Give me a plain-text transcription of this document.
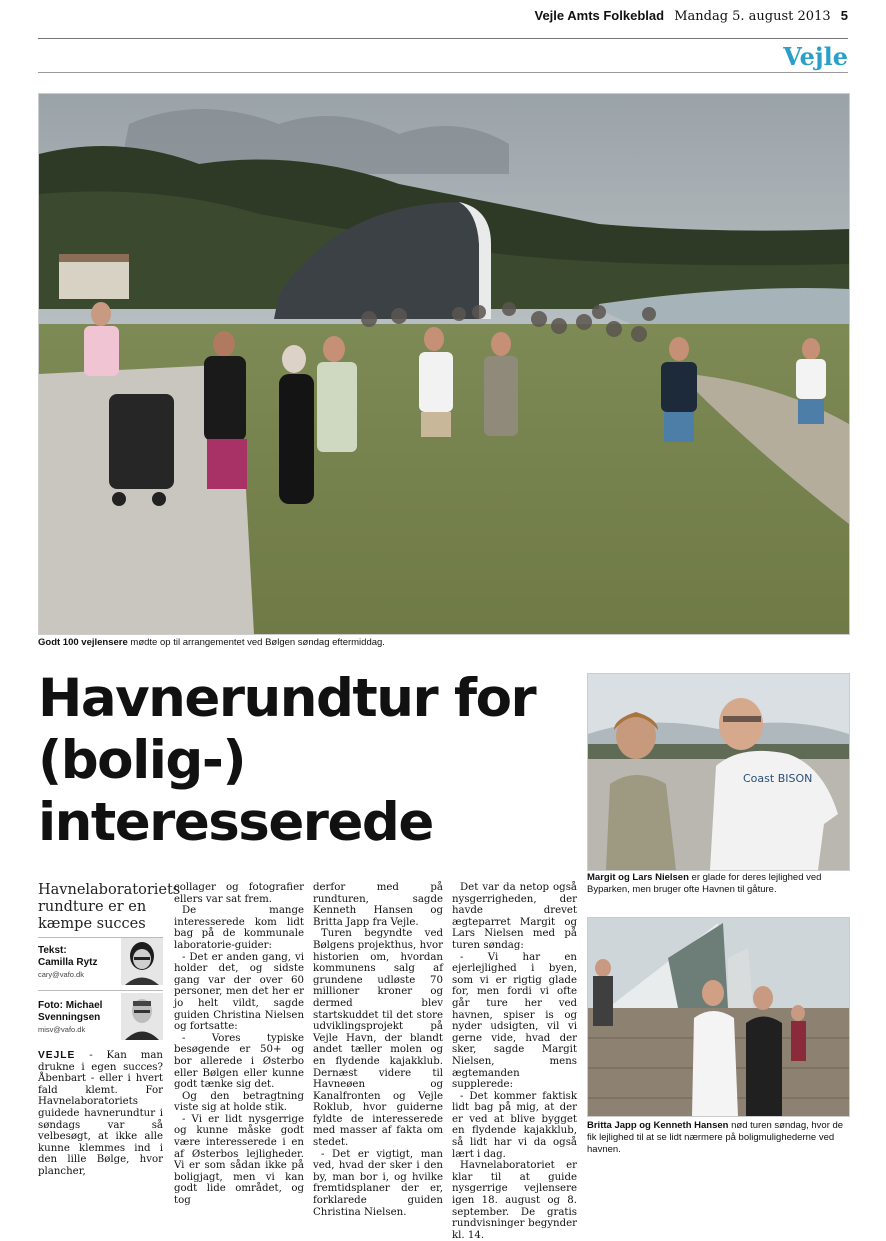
Vejle Amts Folkeblad Mandag 5. august 2013 5
Vejle
Godt 100 vejlensere mødte op til arrangementet ved Bølgen søndag eftermiddag.
Havnerundtur for
(bolig-)
interesserede
Havnelaboratoriets rundture er en kæmpe succes
Tekst:
Camilla Rytz
cary@vafo.dk
Foto: Michael
Svenningsen
misv@vafo.dk

VEJLE - Kan man drukne i egen succes? Åbenbart - eller i hvert fald klemt. For Havnelaboratoriets guidede havnerundtur i søndags var så velbesøgt, at ikke alle kunne klemmes ind i den lille Bølge, hvor plancher,

collager og fotografier ellers var sat frem.

De mange interesserede kom lidt bag på de kommunale laboratorie-guider:

- Det er anden gang, vi holder det, og sidste gang var der over 60 personer, men det her er jo helt vildt, sagde guiden Christina Nielsen og fortsatte:

- Vores typiske besøgende er 50+ og bor allerede i Østerbo eller Bølgen eller kunne godt tænke sig det.

Og den betragtning viste sig at holde stik.

- Vi er lidt nysgerrige og kunne måske godt være interesserede i en af Østerbos lejligheder. Vi er som sådan ikke på boligjagt, men vi kan godt lide området, og tog

derfor med på rundturen, sagde Kenneth Hansen og Britta Japp fra Vejle.

Turen begyndte ved Bølgens projekthus, hvor historien om, hvordan kommunens salg af grundene udløste 70 millioner kroner og dermed blev startskuddet til det store udviklingsprojekt på Vejle Havn, der blandt andet tæller molen og en flydende kajakklub. Dernæst videre til Havneøen og Kanalfronten og Vejle Roklub, hvor guiderne fyldte de interesserede med masser af fakta om stedet.

- Det er vigtigt, man ved, hvad der sker i den by, man bor i, og hvilke fremtidsplaner der er, forklarede guiden Christina Nielsen.

Det var da netop også nysgerrigheden, der havde drevet ægteparret Margit og Lars Nielsen med på turen søndag:

- Vi har en ejerlejlighed i byen, som vi er rigtig glade for, men fordi vi ofte går ture her ved havnen, spiser is og nyder udsigten, vil vi gerne vide, hvad der sker, sagde Margit Nielsen, mens ægtemanden supplerede:

- Det kommer faktisk lidt bag på mig, at der er ved at blive bygget en flydende kajakklub, så lidt har vi da også lært i dag.

Havnelaboratoriet er klar til at guide nysgerrige vejlensere igen 18. august og 8. september. De gratis rundvisninger begynder kl. 14.

Coast BISON
Margit og Lars Nielsen er glade for deres lejlighed ved Byparken, men bruger ofte Havnen til gåture.
Britta Japp og Kenneth Hansen nød turen søndag, hvor de fik lejlighed til at se lidt nærmere på boligmulighederne ved havnen.
